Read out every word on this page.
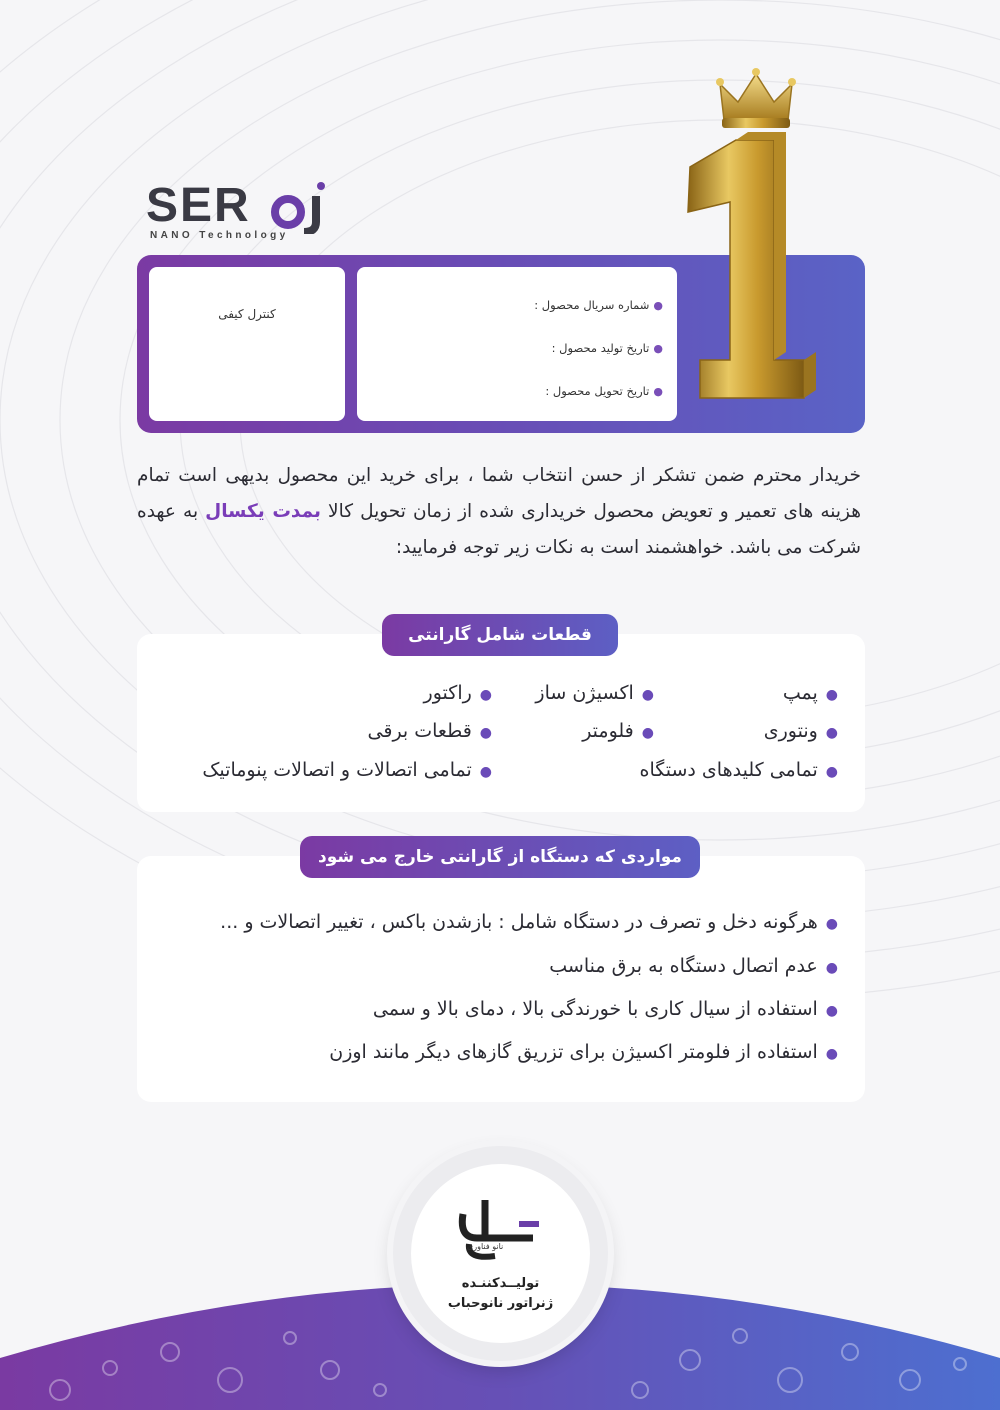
SER
NANO Technology
کنترل کیفی
●شماره سریال محصول :
●تاریخ تولید محصول :
●تاریخ تحویل محصول :

خریدار محترم ضمن تشکر از حسن انتخاب شما ، برای خرید این محصول بدیهی است تمام هزینه های تعمیر و تعویض محصول خریداری شده از زمان تحویل کالا بمدت یکسال به عهده شرکت می باشد. خواهشمند است به نکات زیر توجه فرمایید:

قطعات شامل گارانتی
●پمپ
●اکسیژن ساز
●راکتور
●ونتوری
●فلومتر
●قطعات برقی
●تمامی کلیدهای دستگاه
●تمامی اتصالات و اتصالات پنوماتیک
مواردی که دستگاه از گارانتی خارج می شود
●هرگونه دخل و تصرف در دستگاه شامل : بازشدن باکس ، تغییر اتصالات و ...
●عدم اتصال دستگاه به برق مناسب
●استفاده از سیال کاری با خورندگی بالا ، دمای بالا و سمی
●استفاده از فلومتر اکسیژن برای تزریق گازهای دیگر مانند اوزن
نانو فناوری
تولیــدکننـده
ژنراتور نانوحباب
